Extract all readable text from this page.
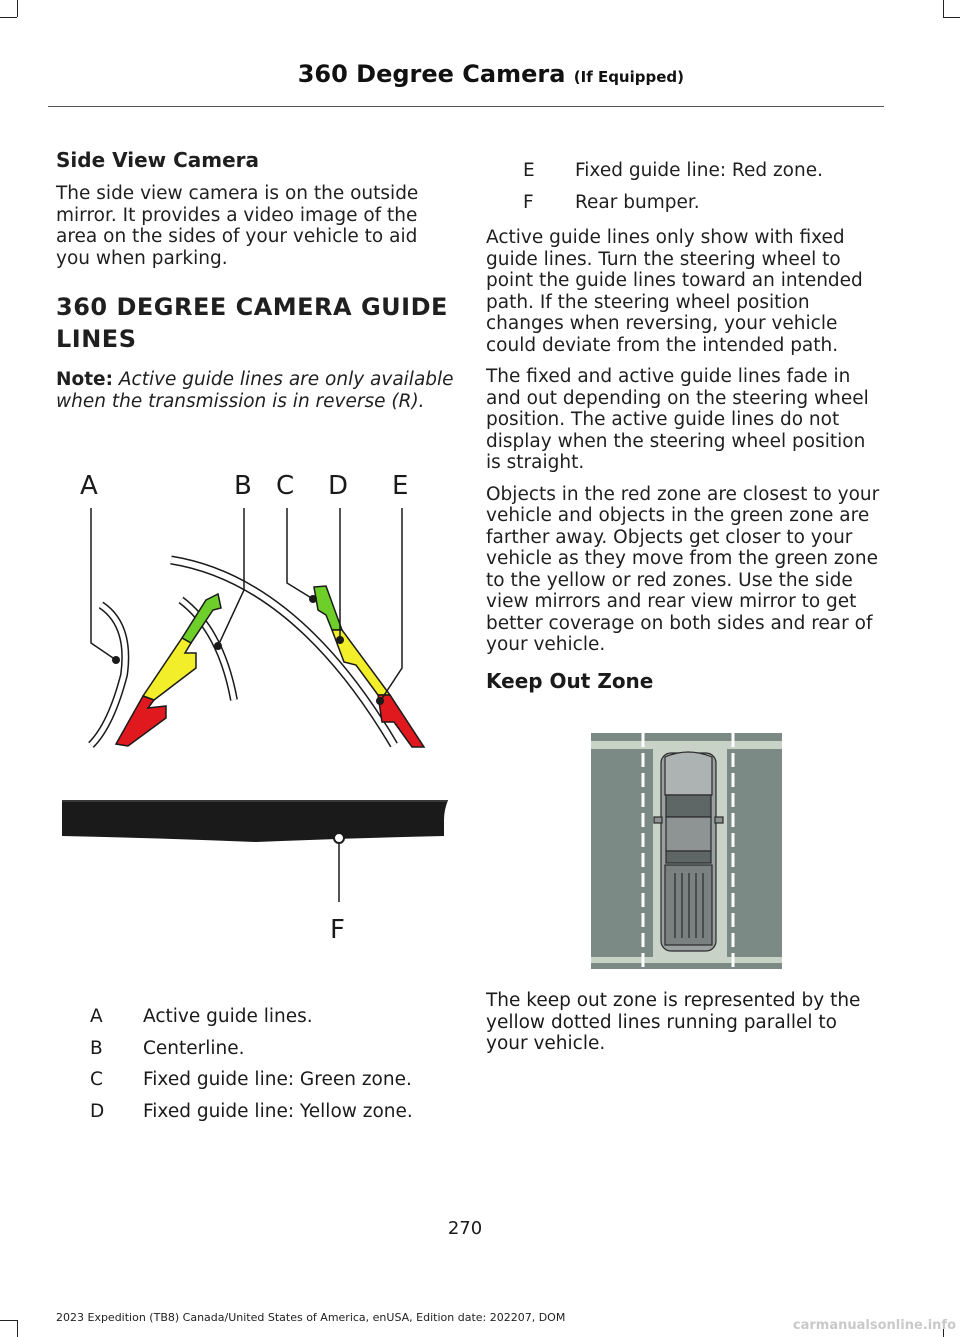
360 Degree Camera (If Equipped)
Side View Camera

The side view camera is on the outside mirror. It provides a video image of the area on the sides of your vehicle to aid you when parking.

360 DEGREE CAMERA GUIDE
LINES

Note: Active guide lines are only available when the transmission is in reverse (R).

A	B C D E
F
A	Active guide lines.
B	Centerline.
C	Fixed guide line: Green zone.
D	Fixed guide line: Yellow zone.
E	Fixed guide line: Red zone.
F	Rear bumper.

Active guide lines only show with fixed guide lines. Turn the steering wheel to point the guide lines toward an intended path. If the steering wheel position changes when reversing, your vehicle could deviate from the intended path.

The fixed and active guide lines fade in and out depending on the steering wheel position. The active guide lines do not display when the steering wheel position is straight.

Objects in the red zone are closest to your vehicle and objects in the green zone are farther away. Objects get closer to your vehicle as they move from the green zone to the yellow or red zones. Use the side view mirrors and rear view mirror to get better coverage on both sides and rear of your vehicle.

Keep Out Zone
The keep out zone is represented by the yellow dotted lines running parallel to your vehicle.
270
2023 Expedition (TB8) Canada/United States of America, enUSA, Edition date: 202207, DOM
carmanualsonline.info
